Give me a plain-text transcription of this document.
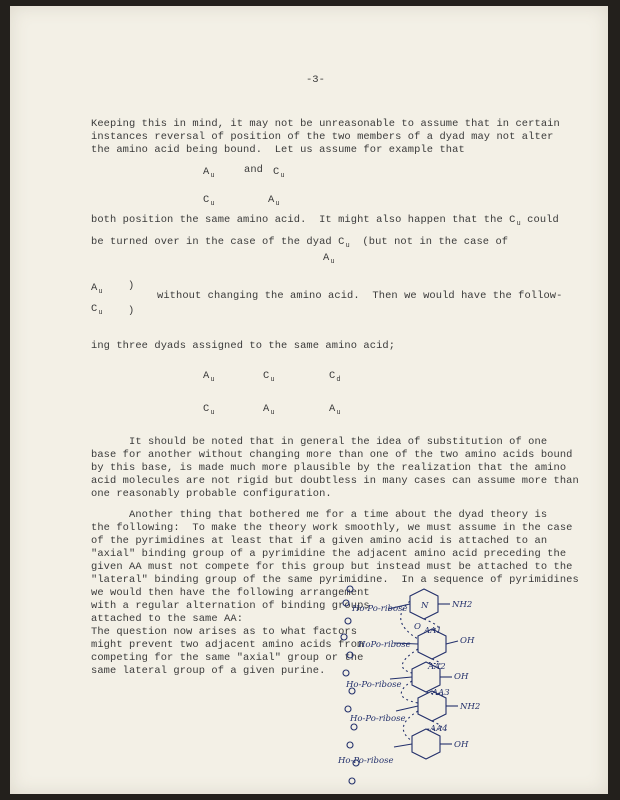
-3-
Keeping this in mind, it may not be unreasonable to assume that in certain
instances reversal of position of the two members of a dyad may not alter
the amino acid being bound.  Let us assume for example that
$A_u$	and $C_u$
$C_u$	$A_u$
both position the same amino acid.  It might also happen that the $C_u$ could
be turned over in the case of the dyad $C_u$ (but not in the case of
$A_u$
$A_u$ )
$C_u$ )
without changing the amino acid.  Then we would have the follow-
ing three dyads assigned to the same amino acid;
$A_u$	$C_u$	$C_d$
$C_u$	$A_u$	$A_u$
It should be noted that in general the idea of substitution of one
base for another without changing more than one of the two amino acids bound
by this base, is made much more plausible by the realization that the amino
acid molecules are not rigid but doubtless in many cases can assume more than
one reasonably probable configuration.
Another thing that bothered me for a time about the dyad theory is
the following:  To make the theory work smoothly, we must assume in the case
of the pyrimidines at least that if a given amino acid is attached to an
"axial" binding group of a pyrimidine the adjacent amino acid preceding the
given AA must not compete for this group but instead must be attached to the
"lateral" binding group of the same pyrimidine.  In a sequence of pyrimidines
we would then have the following arrangement
with a regular alternation of binding groups
attached to the same AA:
The question now arises as to what factors
might prevent two adjacent amino acids from
competing for the same "axial" group or the
same lateral group of a given purine.
Ho-Po-ribose
HoPo-ribose
Ho-Po-ribose
Ho-Po-ribose
Ho-Po-ribose
AA1
AA2
AA3
AA4
NH2
OH
OH
NH2
OH
N
O
